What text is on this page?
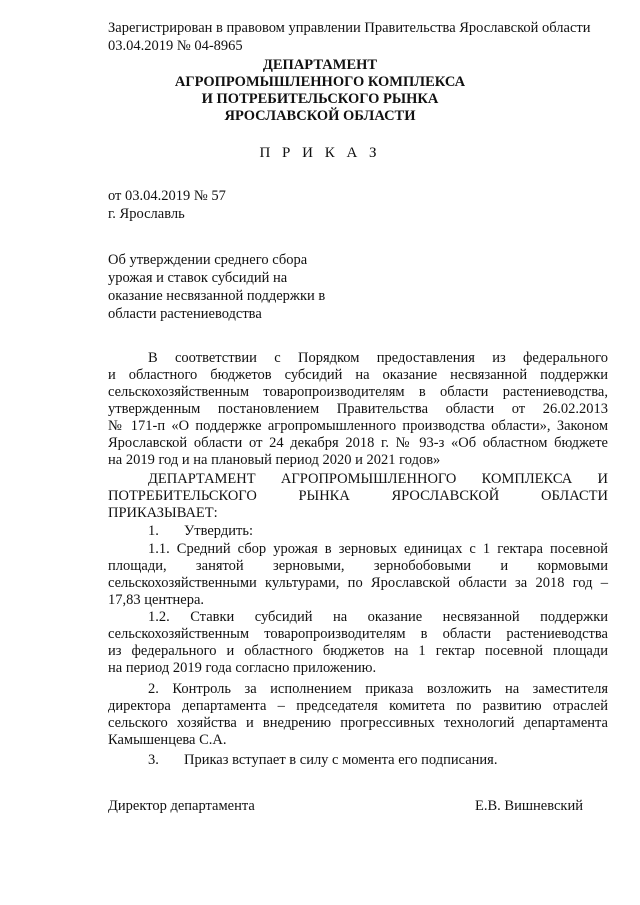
Зарегистрирован в правовом управлении Правительства Ярославской области
03.04.2019 № 04-8965
ДЕПАРТАМЕНТ
АГРОПРОМЫШЛЕННОГО КОМПЛЕКСА
И ПОТРЕБИТЕЛЬСКОГО РЫНКА
ЯРОСЛАВСКОЙ ОБЛАСТИ
П Р И К А З
от 03.04.2019 № 57
г. Ярославль
Об утверждении среднего сбора
урожая и ставок субсидий на
оказание несвязанной поддержки в
области растениеводства
В соответствии с Порядком предоставления из федерального
и областного бюджетов субсидий на оказание несвязанной поддержки
сельскохозяйственным товаропроизводителям в области растениеводства,
утвержденным постановлением Правительства области от 26.02.2013
№ 171-п «О поддержке агропромышленного производства области», Законом
Ярославской области от 24 декабря 2018 г. № 93-з «Об областном бюджете
на 2019 год и на плановый период 2020 и 2021 годов»
ДЕПАРТАМЕНТ АГРОПРОМЫШЛЕННОГО КОМПЛЕКСА И
ПОТРЕБИТЕЛЬСКОГО РЫНКА ЯРОСЛАВСКОЙ ОБЛАСТИ
ПРИКАЗЫВАЕТ:
1. Утвердить:
1.1. Средний сбор урожая в зерновых единицах с 1 гектара посевной
площади, занятой зерновыми, зернобобовыми и кормовыми
сельскохозяйственными культурами, по Ярославской области за 2018 год –
17,83 центнера.
1.2. Ставки субсидий на оказание несвязанной поддержки
сельскохозяйственным товаропроизводителям в области растениеводства
из федерального и областного бюджетов на 1 гектар посевной площади
на период 2019 года согласно приложению.
2. Контроль за исполнением приказа возложить на заместителя
директора департамента – председателя комитета по развитию отраслей
сельского хозяйства и внедрению прогрессивных технологий департамента
Камышенцева С.А.
3. Приказ вступает в силу с момента его подписания.
Директор департамента	Е.В. Вишневский
